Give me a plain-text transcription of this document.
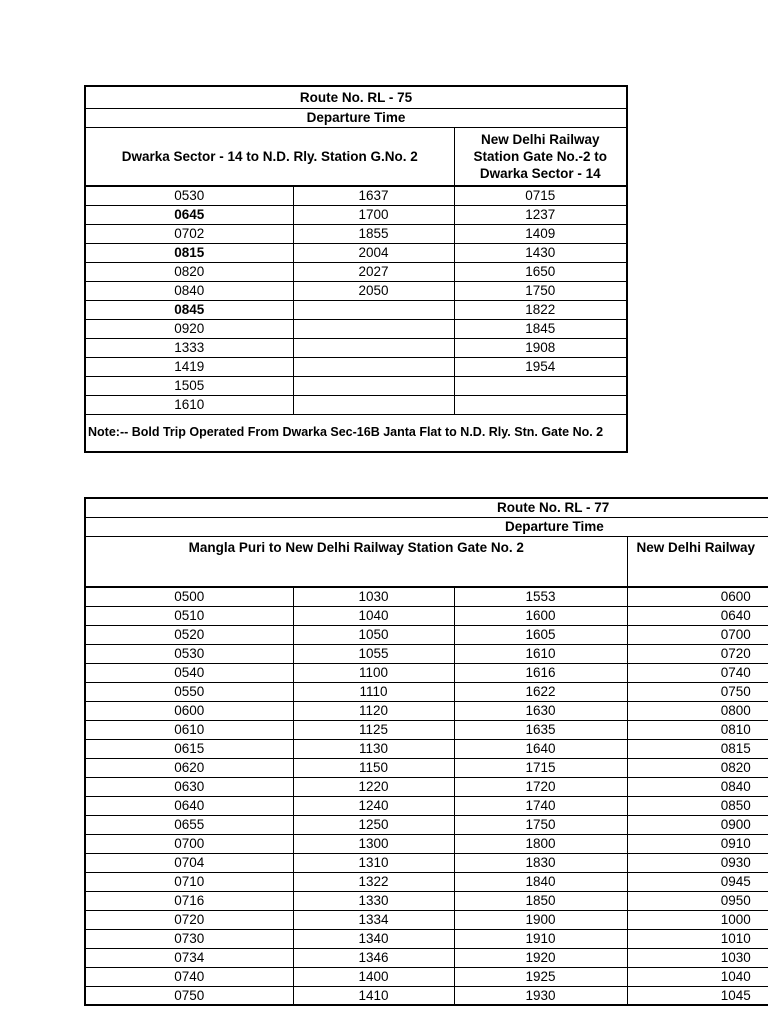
Route No. RL - 75		
Departure Time		
Dwarka Sector - 14 to N.D. Rly. Station G.No. 2		New Delhi Railway Station Gate No.-2 to Dwarka Sector - 14
0530	1637	0715
0645	1700	1237
0702	1855	1409
0815	2004	1430
0820	2027	1650
0840	2050	1750
0845		1822
0920		1845
1333		1908
1419		1954
1505		
1610		
Note:-- Bold Trip Operated From Dwarka Sec-16B Janta Flat to N.D. Rly. Stn. Gate No. 2		
Route No. RL - 77			
Departure Time			
Mangla Puri to New Delhi Railway Station Gate No. 2			New Delhi Railway
0500	1030	1553	0600
0510	1040	1600	0640
0520	1050	1605	0700
0530	1055	1610	0720
0540	1100	1616	0740
0550	1110	1622	0750
0600	1120	1630	0800
0610	1125	1635	0810
0615	1130	1640	0815
0620	1150	1715	0820
0630	1220	1720	0840
0640	1240	1740	0850
0655	1250	1750	0900
0700	1300	1800	0910
0704	1310	1830	0930
0710	1322	1840	0945
0716	1330	1850	0950
0720	1334	1900	1000
0730	1340	1910	1010
0734	1346	1920	1030
0740	1400	1925	1040
0750	1410	1930	1045
